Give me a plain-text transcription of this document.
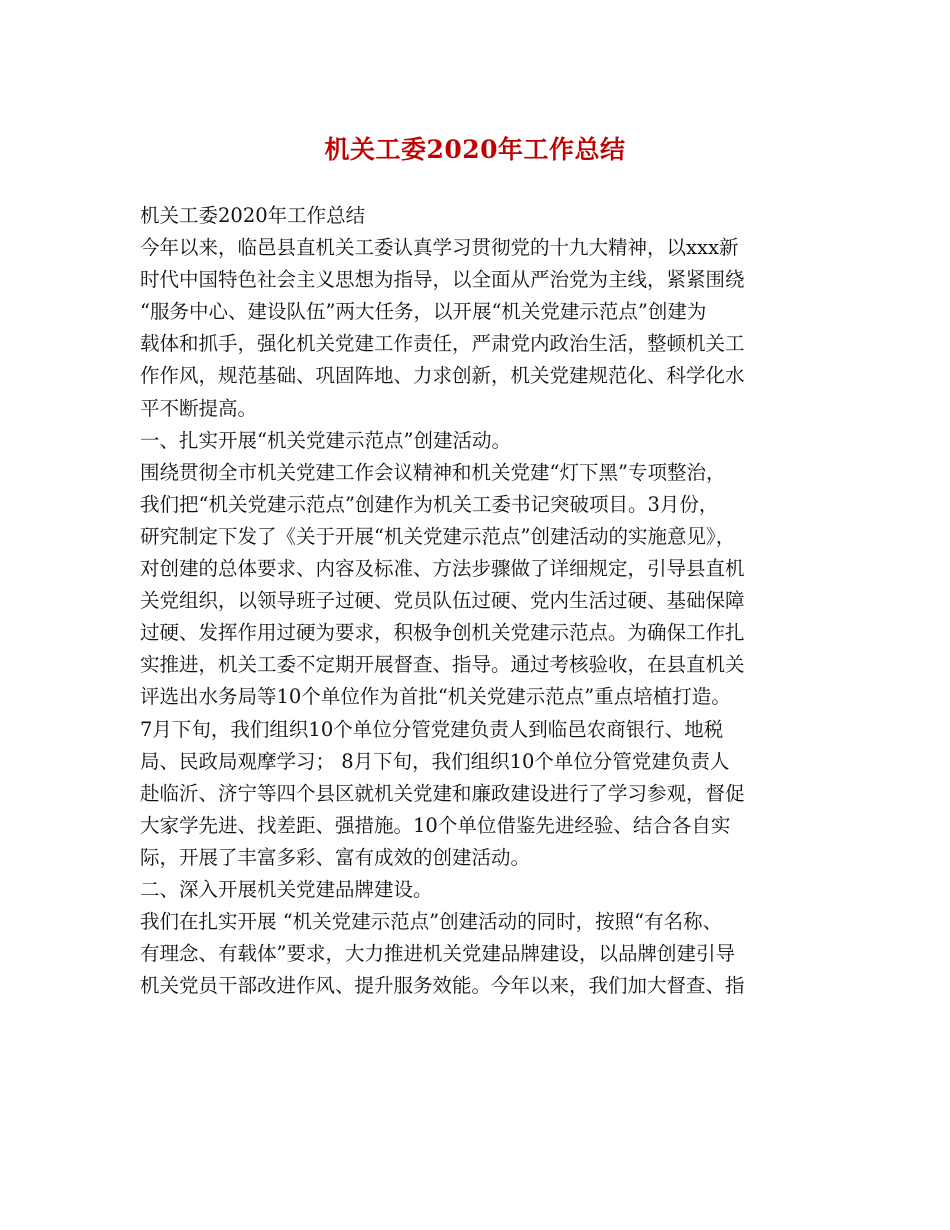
机关工委2020年工作总结
机关工委2020年工作总结
今年以来，临邑县直机关工委认真学习贯彻党的十九大精神，以xxx新
时代中国特色社会主义思想为指导，以全面从严治党为主线，紧紧围绕
“服务中心、建设队伍”两大任务，以开展“机关党建示范点”创建为
载体和抓手，强化机关党建工作责任，严肃党内政治生活，整顿机关工
作作风，规范基础、巩固阵地、力求创新，机关党建规范化、科学化水
平不断提高。
一、扎实开展“机关党建示范点”创建活动。
围绕贯彻全市机关党建工作会议精神和机关党建“灯下黑”专项整治，
我们把“机关党建示范点”创建作为机关工委书记突破项目。3月份，
研究制定下发了《关于开展“机关党建示范点”创建活动的实施意见》，
对创建的总体要求、内容及标准、方法步骤做了详细规定，引导县直机
关党组织，以领导班子过硬、党员队伍过硬、党内生活过硬、基础保障
过硬、发挥作用过硬为要求，积极争创机关党建示范点。为确保工作扎
实推进，机关工委不定期开展督查、指导。通过考核验收，在县直机关
评选出水务局等10个单位作为首批“机关党建示范点”重点培植打造。
7月下旬，我们组织10个单位分管党建负责人到临邑农商银行、地税
局、民政局观摩学习； 8月下旬，我们组织10个单位分管党建负责人
赴临沂、济宁等四个县区就机关党建和廉政建设进行了学习参观，督促
大家学先进、找差距、强措施。10个单位借鉴先进经验、结合各自实
际，开展了丰富多彩、富有成效的创建活动。
二、深入开展机关党建品牌建设。
我们在扎实开展 “机关党建示范点”创建活动的同时，按照“有名称、
有理念、有载体”要求，大力推进机关党建品牌建设，以品牌创建引导
机关党员干部改进作风、提升服务效能。今年以来，我们加大督查、指
